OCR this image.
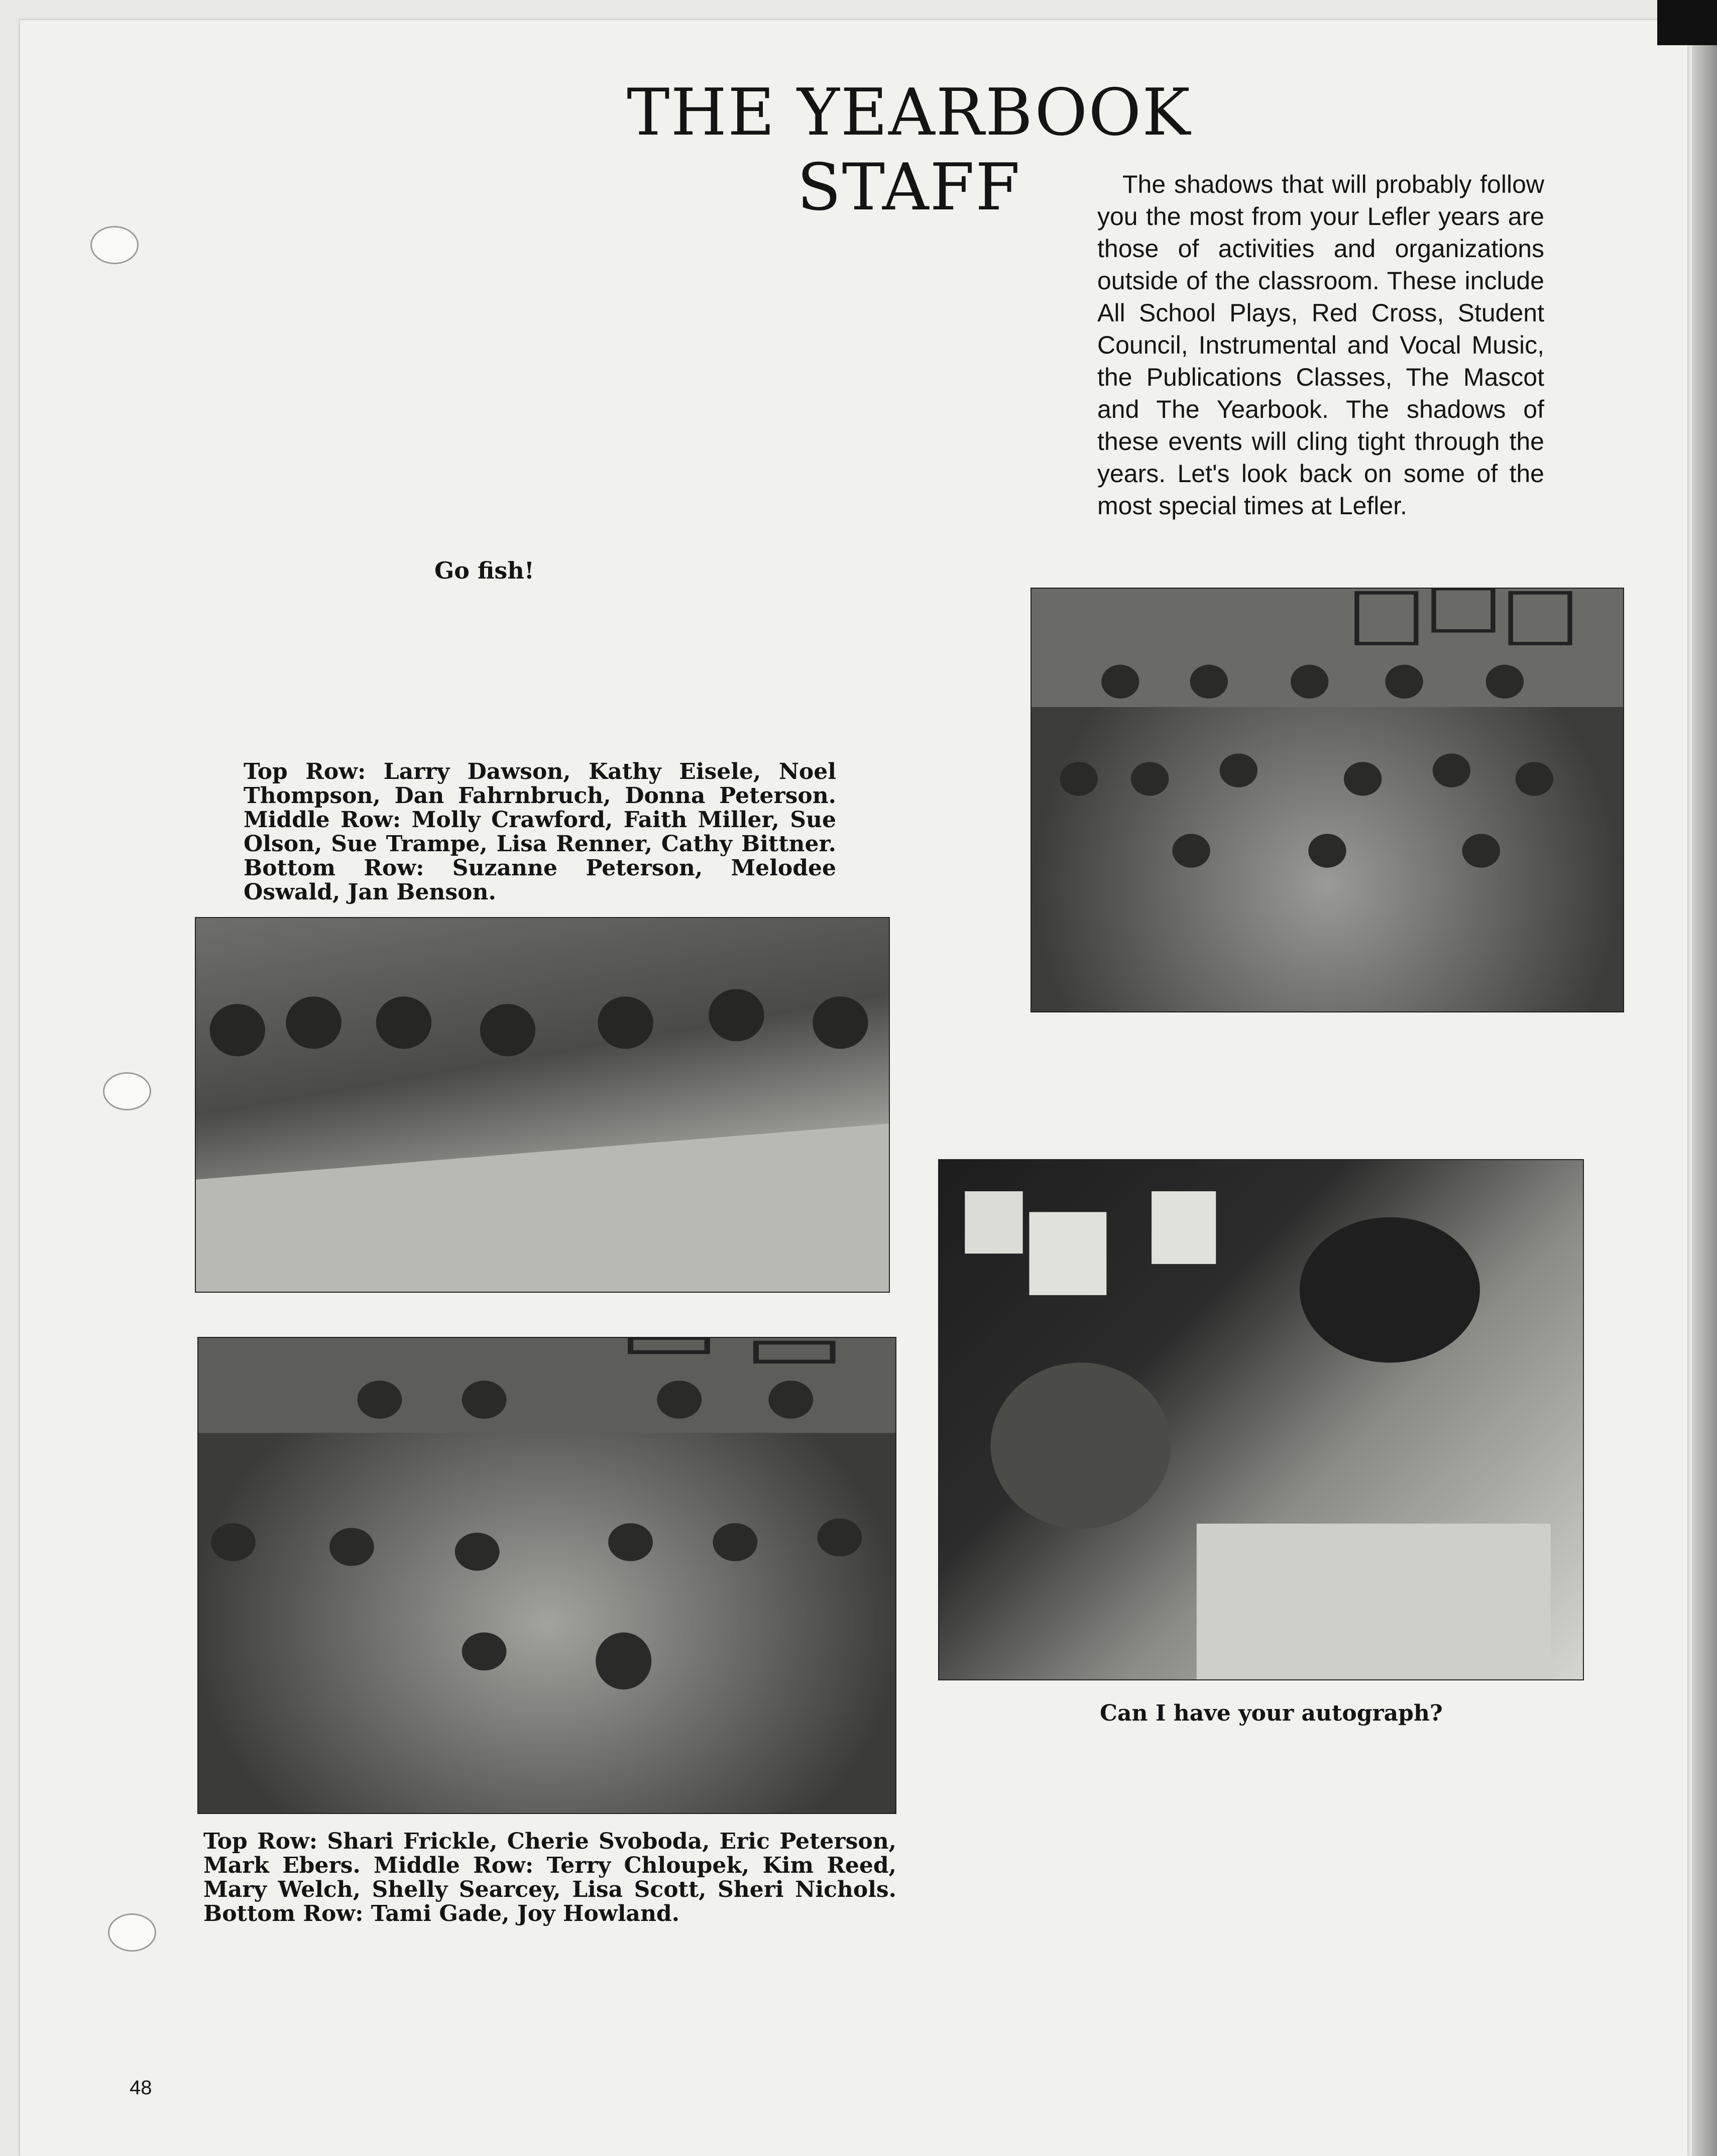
THE YEARBOOK STAFF	The shadows that will probably follow you the most from your Lefler years are those of activities and organizations outside of the classroom. These include All School Plays, Red Cross, Student Council, Instrumental and Vocal Music, the Publications Classes, The Mascot and The Yearbook. The shadows of these events will cling tight through the years. Let's look back on some of the most special times at Lefler.

Go fish!

Top Row: Larry Dawson, Kathy Eisele, Noel Thompson, Dan Fahrnbruch, Donna Peterson. Middle Row: Molly Crawford, Faith Miller, Sue Olson, Sue Trampe, Lisa Renner, Cathy Bittner. Bottom Row: Suzanne Peterson, Melodee Oswald, Jan Benson.

Can I have your autograph?

Top Row: Shari Frickle, Cherie Svoboda, Eric Peterson, Mark Ebers. Middle Row: Terry Chloupek, Kim Reed, Mary Welch, Shelly Searcey, Lisa Scott, Sheri Nichols. Bottom Row: Tami Gade, Joy Howland.

48
